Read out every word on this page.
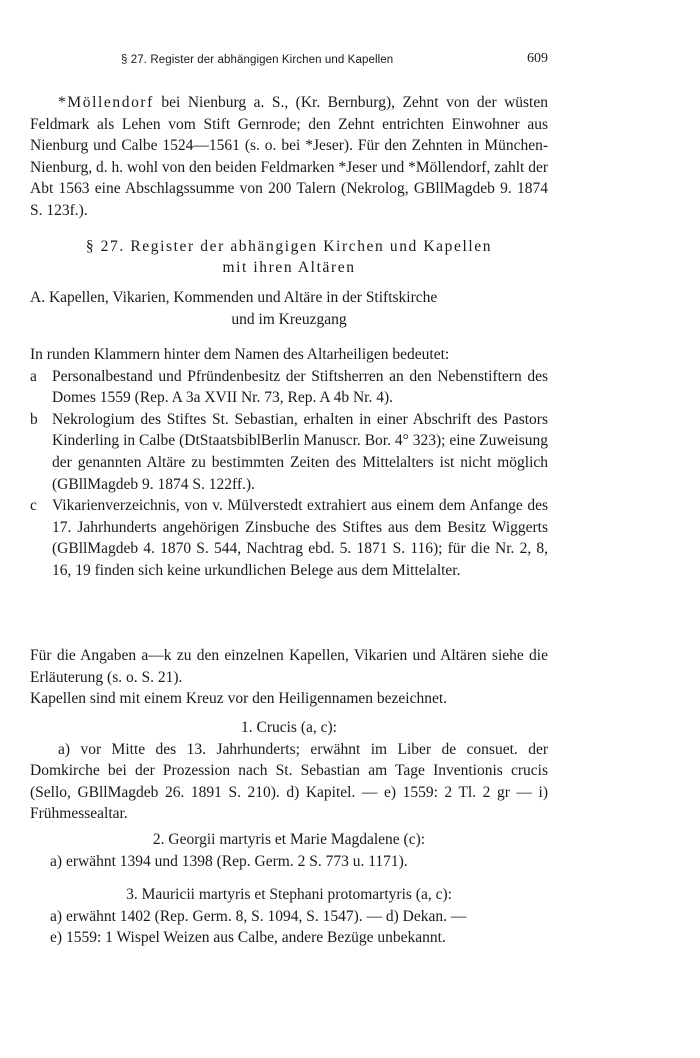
§ 27. Register der abhängigen Kirchen und Kapellen	609
*Möllendorf bei Nienburg a. S., (Kr. Bernburg), Zehnt von der wüsten Feldmark als Lehen vom Stift Gernrode; den Zehnt entrichten Einwohner aus Nienburg und Calbe 1524—1561 (s. o. bei *Jeser). Für den Zehnten in München-Nienburg, d. h. wohl von den beiden Feldmarken *Jeser und *Möllendorf, zahlt der Abt 1563 eine Abschlagssumme von 200 Talern (Nekrolog, GBllMagdeb 9. 1874 S. 123f.).
§ 27. Register der abhängigen Kirchen und Kapellen
mit ihren Altären
A. Kapellen, Vikarien, Kommenden und Altäre in der Stiftskirche
und im Kreuzgang
In runden Klammern hinter dem Namen des Altarheiligen bedeutet:
a Personalbestand und Pfründenbesitz der Stiftsherren an den Nebenstiftern des Domes 1559 (Rep. A 3a XVII Nr. 73, Rep. A 4b Nr. 4).
b Nekrologium des Stiftes St. Sebastian, erhalten in einer Abschrift des Pastors Kinderling in Calbe (DtStaatsbiblBerlin Manuscr. Bor. 4° 323); eine Zuweisung der genannten Altäre zu bestimmten Zeiten des Mittelalters ist nicht möglich (GBllMagdeb 9. 1874 S. 122ff.).
c Vikarienverzeichnis, von v. Mülverstedt extrahiert aus einem dem Anfange des 17. Jahrhunderts angehörigen Zinsbuche des Stiftes aus dem Besitz Wiggerts (GBllMagdeb 4. 1870 S. 544, Nachtrag ebd. 5. 1871 S. 116); für die Nr. 2, 8, 16, 19 finden sich keine urkundlichen Belege aus dem Mittelalter.
Für die Angaben a—k zu den einzelnen Kapellen, Vikarien und Altären siehe die Erläuterung (s. o. S. 21).
Kapellen sind mit einem Kreuz vor den Heiligennamen bezeichnet.
1. Crucis (a, c):
a) vor Mitte des 13. Jahrhunderts; erwähnt im Liber de consuet. der Domkirche bei der Prozession nach St. Sebastian am Tage Inventionis crucis (Sello, GBllMagdeb 26. 1891 S. 210). d) Kapitel. — e) 1559: 2 Tl. 2 gr — i) Frühmessealtar.
2. Georgii martyris et Marie Magdalene (c):
a) erwähnt 1394 und 1398 (Rep. Germ. 2 S. 773 u. 1171).
3. Mauricii martyris et Stephani protomartyris (a, c):
a) erwähnt 1402 (Rep. Germ. 8, S. 1094, S. 1547). — d) Dekan. —
e) 1559: 1 Wispel Weizen aus Calbe, andere Bezüge unbekannt.
